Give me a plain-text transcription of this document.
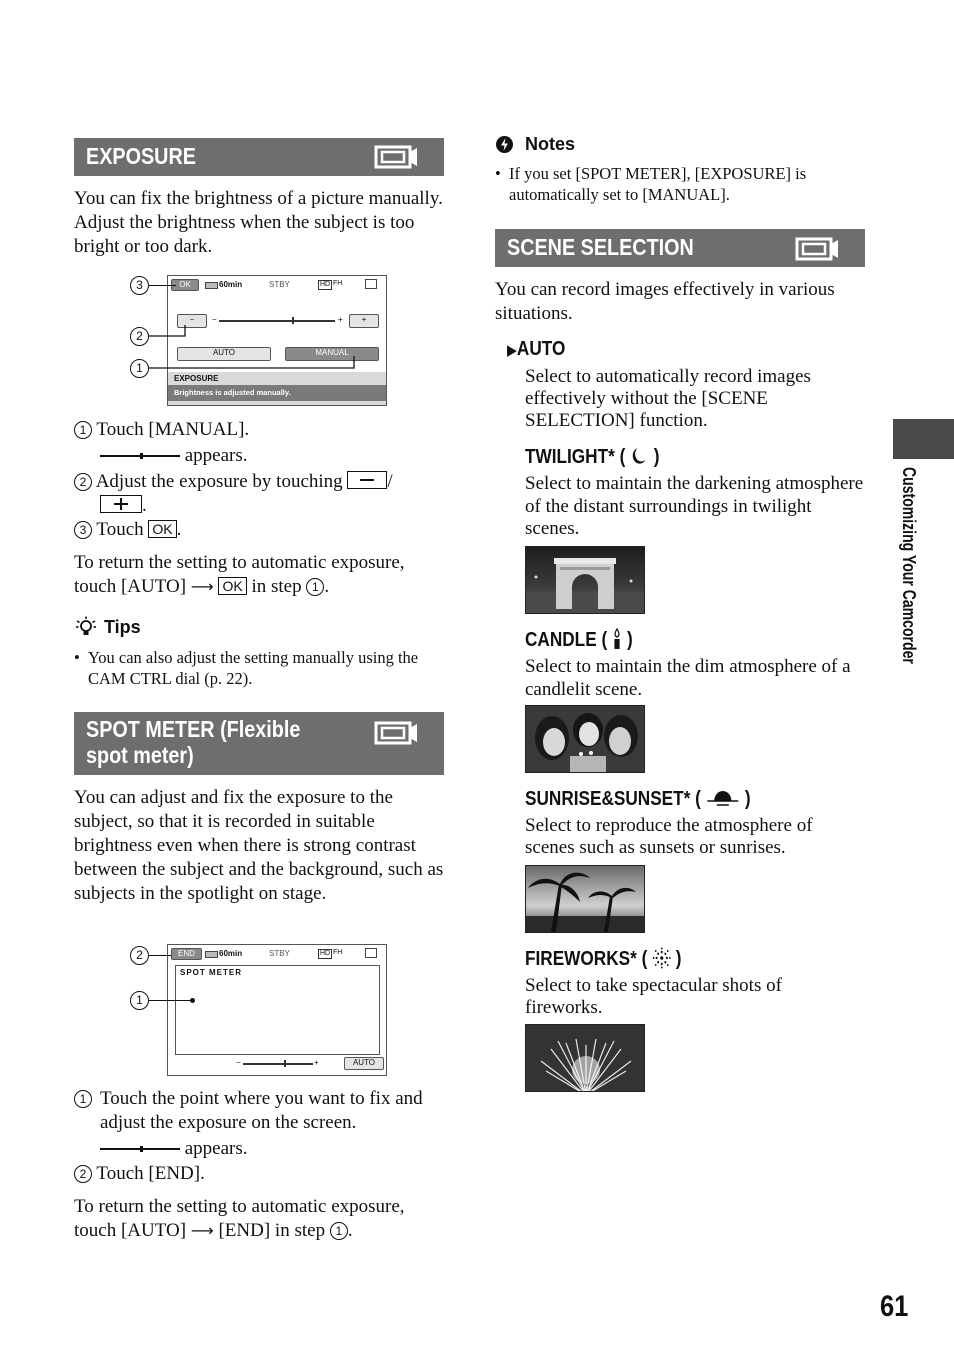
EXPOSURE
You can fix the brightness of a picture manually. Adjust the brightness when the subject is too bright or too dark.
OK	60min	STBY	HD FH
−	−	+	+
AUTO	MANUAL
EXPOSURE
Brightness is adjusted manually.
3
2
1
1 Touch [MANUAL].
appears.
2 Adjust the exposure by touching /
.
3 Touch OK .
To return the setting to automatic exposure, touch [AUTO] ⟶ OK in step 1 .
Tips
• You can also adjust the setting manually using the CAM CTRL dial (p. 22).
SPOT METER (Flexible
spot meter)
You can adjust and fix the exposure to the subject, so that it is recorded in suitable brightness even when there is strong contrast between the subject and the background, such as subjects in the spotlight on stage.
END	60min	STBY	HD FH
SPOT METER
−	+	AUTO
2
1
1 Touch the point where you want to fix and adjust the exposure on the screen.
appears.
2 Touch [END].
To return the setting to automatic exposure, touch [AUTO] ⟶ [END] in step 1 .
Notes
• If you set [SPOT METER], [EXPOSURE] is automatically set to [MANUAL].
SCENE SELECTION
You can record images effectively in various situations.
▶AUTO
Select to automatically record images effectively without the [SCENE SELECTION] function.
TWILIGHT* ( )
Select to maintain the darkening atmosphere of the distant surroundings in twilight scenes.
CANDLE ( )
Select to maintain the dim atmosphere of a candlelit scene.
SUNRISE&SUNSET* ( )
Select to reproduce the atmosphere of scenes such as sunsets or sunrises.
FIREWORKS* ( )
Select to take spectacular shots of fireworks.
Customizing Your Camcorder
61
